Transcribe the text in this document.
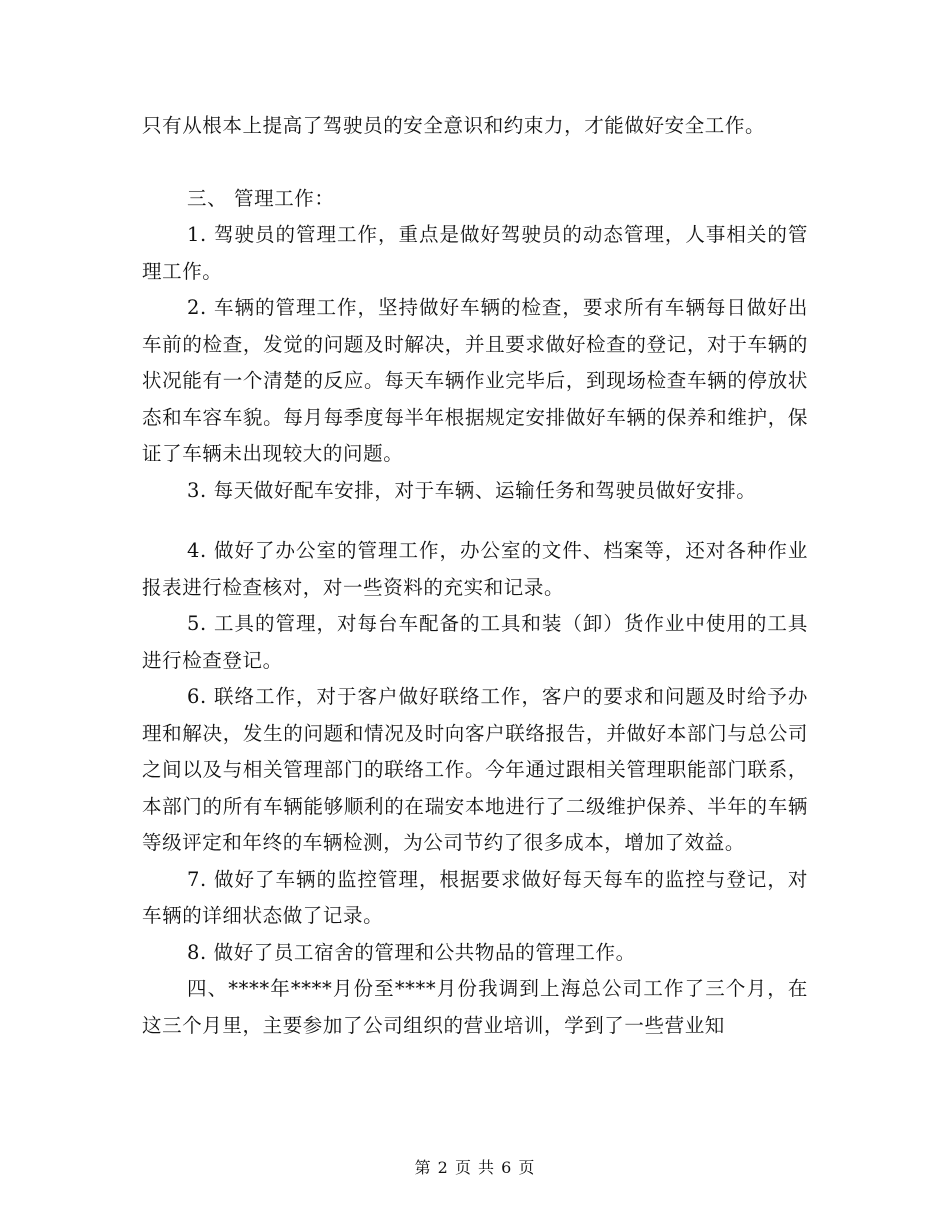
只有从根本上提高了驾驶员的安全意识和约束力，才能做好安全工作。

三、 管理工作：

1. 驾驶员的管理工作，重点是做好驾驶员的动态管理，人事相关的管理工作。

2. 车辆的管理工作，坚持做好车辆的检查，要求所有车辆每日做好出车前的检查，发觉的问题及时解决，并且要求做好检查的登记，对于车辆的状况能有一个清楚的反应。每天车辆作业完毕后，到现场检查车辆的停放状态和车容车貌。每月每季度每半年根据规定安排做好车辆的保养和维护，保证了车辆未出现较大的问题。

3. 每天做好配车安排，对于车辆、运输任务和驾驶员做好安排。

4. 做好了办公室的管理工作，办公室的文件、档案等，还对各种作业报表进行检查核对，对一些资料的充实和记录。

5. 工具的管理，对每台车配备的工具和装（卸）货作业中使用的工具进行检查登记。

6. 联络工作，对于客户做好联络工作，客户的要求和问题及时给予办理和解决，发生的问题和情况及时向客户联络报告，并做好本部门与总公司之间以及与相关管理部门的联络工作。今年通过跟相关管理职能部门联系，本部门的所有车辆能够顺利的在瑞安本地进行了二级维护保养、半年的车辆等级评定和年终的车辆检测，为公司节约了很多成本，增加了效益。

7. 做好了车辆的监控管理，根据要求做好每天每车的监控与登记，对车辆的详细状态做了记录。

8. 做好了员工宿舍的管理和公共物品的管理工作。

四、****年****月份至****月份我调到上海总公司工作了三个月，在这三个月里，主要参加了公司组织的营业培训，学到了一些营业知

第 2 页 共 6 页
